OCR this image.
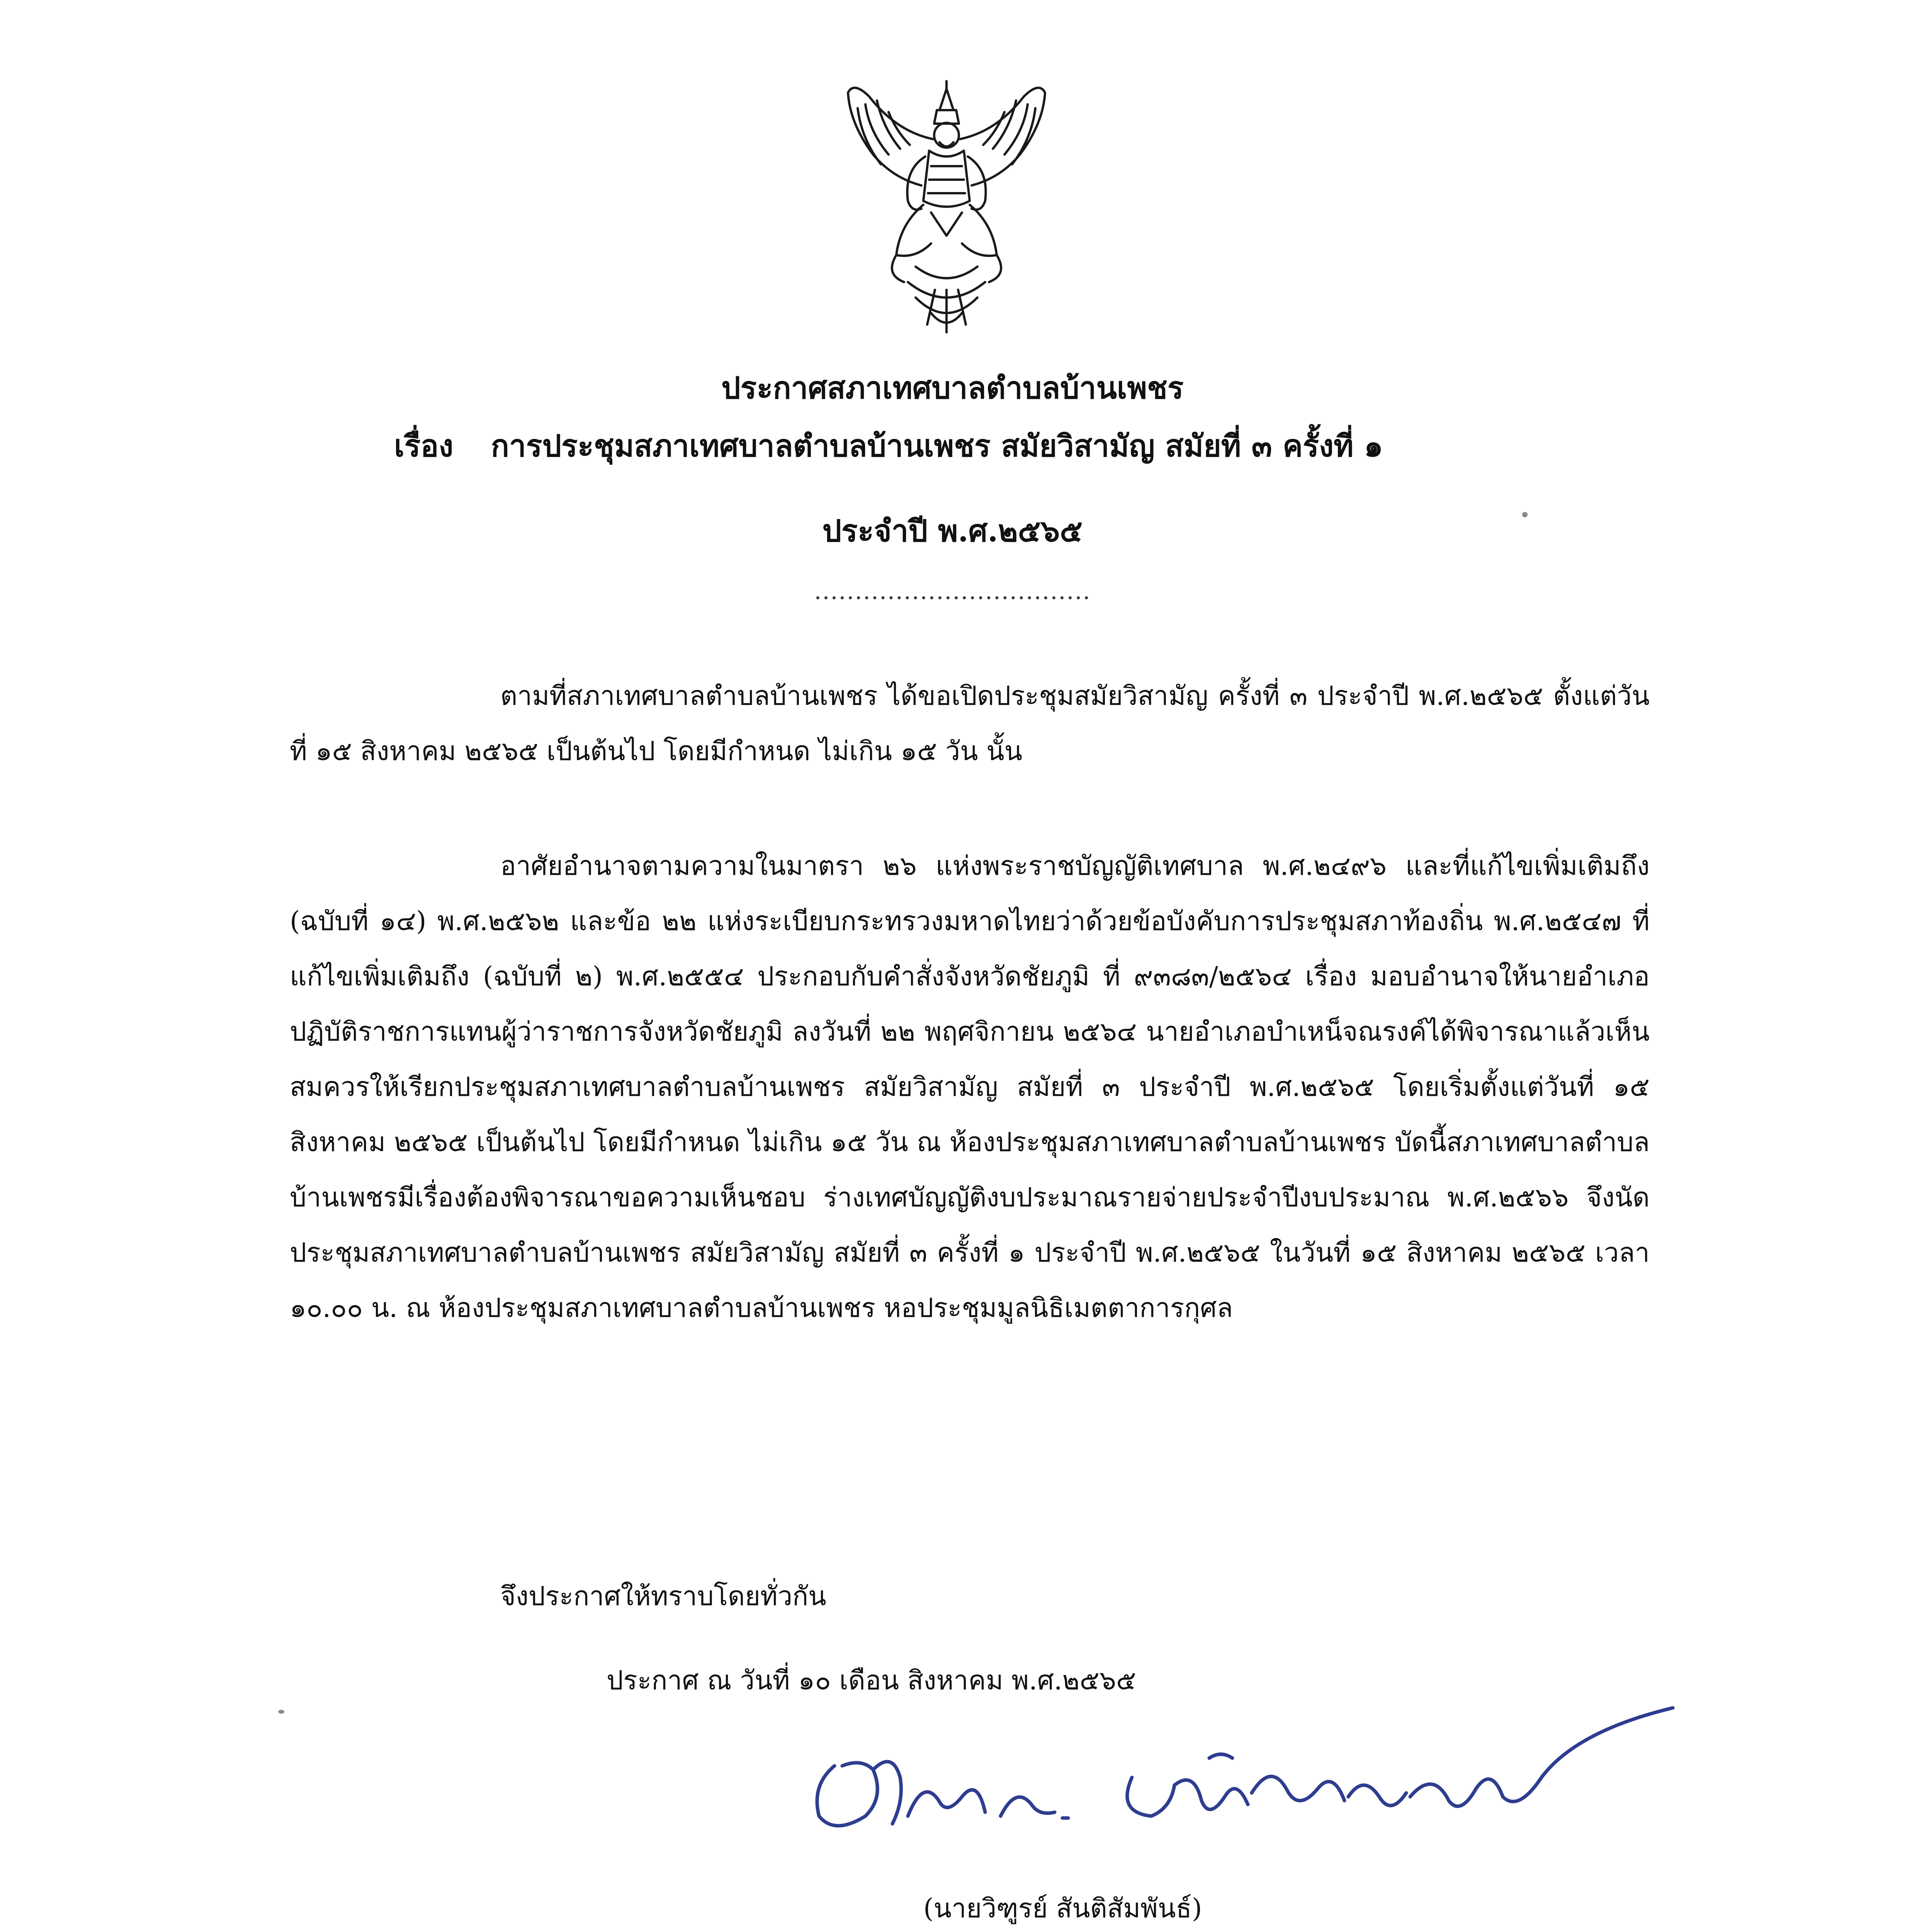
ประกาศสภาเทศบาลตำบลบ้านเพชร
เรื่อง การประชุมสภาเทศบาลตำบลบ้านเพชร สมัยวิสามัญ สมัยที่ ๓ ครั้งที่ ๑
ประจำปี พ.ศ.๒๕๖๕
..................................

ตามที่สภาเทศบาลตำบลบ้านเพชร ได้ขอเปิดประชุมสมัยวิสามัญ ครั้งที่ ๓ ประจำปี พ.ศ.๒๕๖๕ ตั้งแต่วันที่ ๑๕ สิงหาคม ๒๕๖๕ เป็นต้นไป โดยมีกำหนด ไม่เกิน ๑๕ วัน นั้น

อาศัยอำนาจตามความในมาตรา ๒๖ แห่งพระราชบัญญัติเทศบาล พ.ศ.๒๔๙๖ และที่แก้ไขเพิ่มเติมถึง (ฉบับที่ ๑๔) พ.ศ.๒๕๖๒ และข้อ ๒๒ แห่งระเบียบกระทรวงมหาดไทยว่าด้วยข้อบังคับการประชุมสภาท้องถิ่น พ.ศ.๒๕๔๗ ที่แก้ไขเพิ่มเติมถึง (ฉบับที่ ๒) พ.ศ.๒๕๕๔ ประกอบกับคำสั่งจังหวัดชัยภูมิ ที่ ๙๓๘๓/๒๕๖๔ เรื่อง มอบอำนาจให้นายอำเภอปฏิบัติราชการแทนผู้ว่าราชการจังหวัดชัยภูมิ ลงวันที่ ๒๒ พฤศจิกายน ๒๕๖๔ นายอำเภอบำเหน็จณรงค์ได้พิจารณาแล้วเห็นสมควรให้เรียกประชุมสภาเทศบาลตำบลบ้านเพชร สมัยวิสามัญ สมัยที่ ๓ ประจำปี พ.ศ.๒๕๖๕ โดยเริ่มตั้งแต่วันที่ ๑๕ สิงหาคม ๒๕๖๕ เป็นต้นไป โดยมีกำหนด ไม่เกิน ๑๕ วัน ณ ห้องประชุมสภาเทศบาลตำบลบ้านเพชร บัดนี้สภาเทศบาลตำบลบ้านเพชรมีเรื่องต้องพิจารณาขอความเห็นชอบ ร่างเทศบัญญัติงบประมาณรายจ่ายประจำปีงบประมาณ พ.ศ.๒๕๖๖ จึงนัดประชุมสภาเทศบาลตำบลบ้านเพชร สมัยวิสามัญ สมัยที่ ๓ ครั้งที่ ๑ ประจำปี พ.ศ.๒๕๖๕ ในวันที่ ๑๕ สิงหาคม ๒๕๖๕ เวลา ๑๐.๐๐ น. ณ ห้องประชุมสภาเทศบาลตำบลบ้านเพชร หอประชุมมูลนิธิเมตตาการกุศล

จึงประกาศให้ทราบโดยทั่วกัน

ประกาศ ณ วันที่ ๑๐ เดือน สิงหาคม พ.ศ.๒๕๖๕
(นายวิฑูรย์ สันติสัมพันธ์)
